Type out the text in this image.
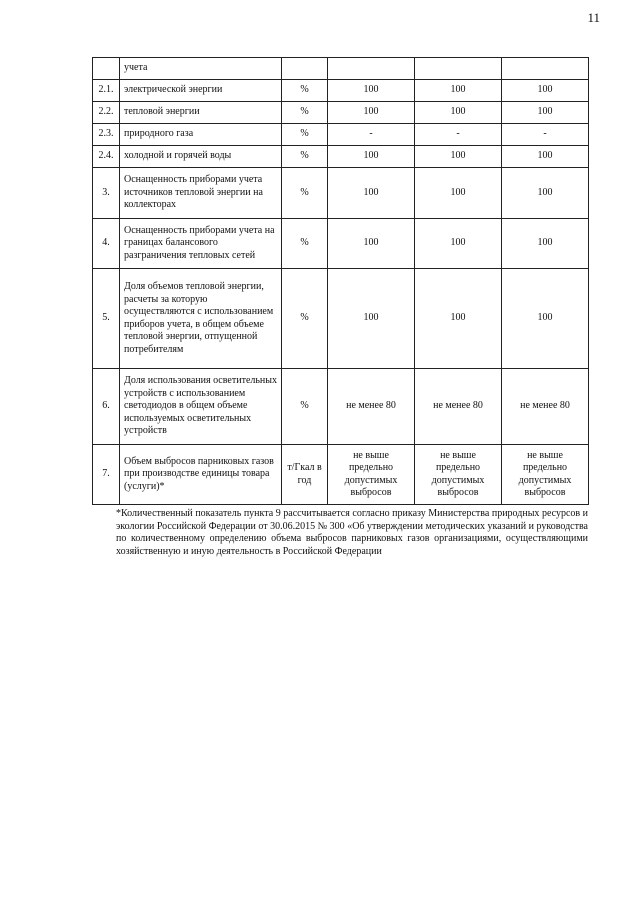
11
	учета				
2.1.	электрической энергии	%	100	100	100
2.2.	тепловой энергии	%	100	100	100
2.3.	природного газа	%	-	-	-
2.4.	холодной и горячей воды	%	100	100	100
3.	Оснащенность приборами учета источников тепловой энергии на коллекторах	%	100	100	100
4.	Оснащенность приборами учета на границах балансового разграничения тепловых сетей	%	100	100	100
5.	Доля объемов тепловой энергии, расчеты за которую осуществляются с использованием приборов учета, в общем объеме тепловой энергии, отпущенной потребителям	%	100	100	100
6.	Доля использования осветительных устройств с использованием светодиодов в общем объеме используемых осветительных устройств	%	не менее 80	не менее 80	не менее 80
7.	Объем выбросов парниковых газов при производстве единицы товара (услуги)*	т/Гкал в год	не выше предельно допустимых выбросов	не выше предельно допустимых выбросов	не выше предельно допустимых выбросов
*Количественный показатель пункта 9 рассчитывается согласно приказу Министерства природных ресурсов и экологии Российской Федерации от 30.06.2015 № 300 «Об утверждении методических указаний и руководства по количественному определению объема выбросов парниковых газов организациями, осуществляющими хозяйственную и иную деятельность в Российской Федерации
